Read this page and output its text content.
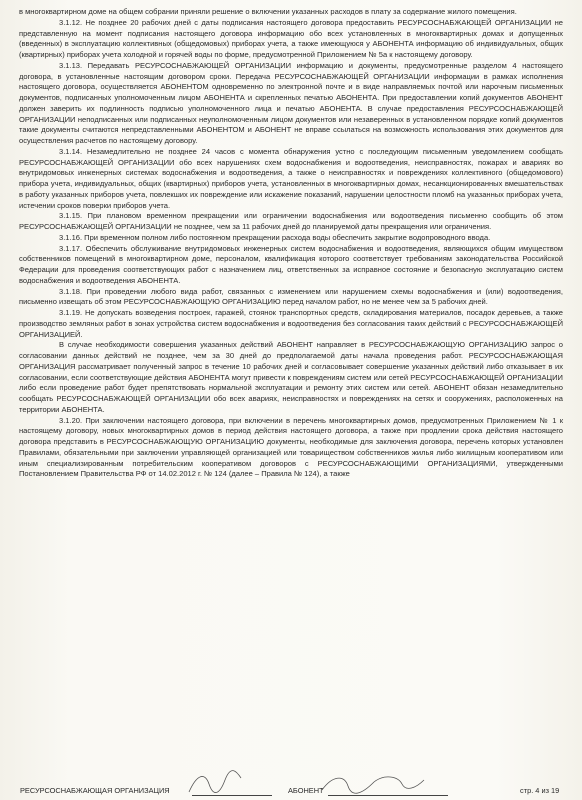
в многоквартирном доме на общем собрании приняли решение о включении указанных расходов в плату за содержание жилого помещения.

3.1.12. Не позднее 20 рабочих дней с даты подписания настоящего договора предоставить РЕСУРСОСНАБЖАЮЩЕЙ ОРГАНИЗАЦИИ не представленную на момент подписания настоящего договора информацию обо всех установленных в многоквартирных домах и допущенных (введенных) в эксплуатацию коллективных (общедомовых) приборах учета, а также имеющуюся у АБОНЕНТА информацию об индивидуальных, общих (квартирных) приборах учета холодной и горячей воды по форме, предусмотренной Приложением № 5а к настоящему договору.

3.1.13. Передавать РЕСУРСОСНАБЖАЮЩЕЙ ОРГАНИЗАЦИИ информацию и документы, предусмотренные разделом 4 настоящего договора, в установленные настоящим договором сроки. Передача РЕСУРСОСНАБЖАЮЩЕЙ ОРГАНИЗАЦИИ информации в рамках исполнения настоящего договора, осуществляется АБОНЕНТОМ одновременно по электронной почте и в виде направляемых почтой или нарочным письменных документов, подписанных уполномоченным лицом АБОНЕНТА и скрепленных печатью АБОНЕНТА. При предоставлении копий документов АБОНЕНТ должен заверить их подлинность подписью уполномоченного лица и печатью АБОНЕНТА. В случае предоставления РЕСУРСОСНАБЖАЮЩЕЙ ОРГАНИЗАЦИИ неподписанных или подписанных неуполномоченным лицом документов или незаверенных в установленном порядке копий документов такие документы считаются непредставленными АБОНЕНТОМ и АБОНЕНТ не вправе ссылаться на возможность использования этих документов для осуществления расчетов по настоящему договору.

3.1.14. Незамедлительно не позднее 24 часов с момента обнаружения устно с последующим письменным уведомлением сообщать РЕСУРСОСНАБЖАЮЩЕЙ ОРГАНИЗАЦИИ обо всех нарушениях схем водоснабжения и водоотведения, неисправностях, пожарах и авариях во внутридомовых инженерных системах водоснабжения и водоотведения, а также о неисправностях и повреждениях коллективного (общедомового) прибора учета, индивидуальных, общих (квартирных) приборов учета, установленных в многоквартирных домах, несанкционированных вмешательствах в работу указанных приборов учета, повлекших их повреждение или искажение показаний, нарушении целостности пломб на указанных приборах учета, истечении сроков поверки приборов учета.

3.1.15. При плановом временном прекращении или ограничении водоснабжения или водоотведения письменно сообщить об этом РЕСУРСОСНАБЖАЮЩЕЙ ОРГАНИЗАЦИИ не позднее, чем за 11 рабочих дней до планируемой даты прекращения или ограничения.

3.1.16. При временном полном либо постоянном прекращении расхода воды обеспечить закрытие водопроводного ввода.

3.1.17. Обеспечить обслуживание внутридомовых инженерных систем водоснабжения и водоотведения, являющихся общим имуществом собственников помещений в многоквартирном доме, персоналом, квалификация которого соответствует требованиям законодательства Российской Федерации для проведения соответствующих работ с назначением лиц, ответственных за исправное состояние и безопасную эксплуатацию систем водоснабжения и водоотведения АБОНЕНТА.

3.1.18. При проведении любого вида работ, связанных с изменением или нарушением схемы водоснабжения и (или) водоотведения, письменно извещать об этом РЕСУРСОСНАБЖАЮЩУЮ ОРГАНИЗАЦИЮ перед началом работ, но не менее чем за 5 рабочих дней.

3.1.19. Не допускать возведения построек, гаражей, стоянок транспортных средств, складирования материалов, посадок деревьев, а также производство земляных работ в зонах устройства систем водоснабжения и водоотведения без согласования таких действий с РЕСУРСОСНАБЖАЮЩЕЙ ОРГАНИЗАЦИЕЙ.

В случае необходимости совершения указанных действий АБОНЕНТ направляет в РЕСУРСОСНАБЖАЮЩУЮ ОРГАНИЗАЦИЮ запрос о согласовании данных действий не позднее, чем за 30 дней до предполагаемой даты начала проведения работ. РЕСУРСОСНАБЖАЮЩАЯ ОРГАНИЗАЦИЯ рассматривает полученный запрос в течение 10 рабочих дней и согласовывает совершение указанных действий либо отказывает в их согласовании, если соответствующие действия АБОНЕНТА могут привести к повреждениям систем или сетей РЕСУРСОСНАБЖАЮЩЕЙ ОРГАНИЗАЦИИ либо если проведение работ будет препятствовать нормальной эксплуатации и ремонту этих систем или сетей. АБОНЕНТ обязан незамедлительно сообщать РЕСУРСОСНАБЖАЮЩЕЙ ОРГАНИЗАЦИИ обо всех авариях, неисправностях и повреждениях на сетях и сооружениях, расположенных на территории АБОНЕНТА.

3.1.20. При заключении настоящего договора, при включении в перечень многоквартирных домов, предусмотренных Приложением № 1 к настоящему договору, новых многоквартирных домов в период действия настоящего договора, а также при продлении срока действия настоящего договора представить в РЕСУРСОСНАБЖАЮЩУЮ ОРГАНИЗАЦИЮ документы, необходимые для заключения договора, перечень которых установлен Правилами, обязательными при заключении управляющей организацией или товариществом собственников жилья либо жилищным кооперативом или иным специализированным потребительским кооперативом договоров с РЕСУРСОСНАБЖАЮЩИМИ ОРГАНИЗАЦИЯМИ, утвержденными Постановлением Правительства РФ от 14.02.2012 г. № 124 (далее – Правила № 124), а также

РЕСУРСОСНАБЖАЮЩАЯ ОРГАНИЗАЦИЯ	АБОНЕНТ	стр. 4 из 19
